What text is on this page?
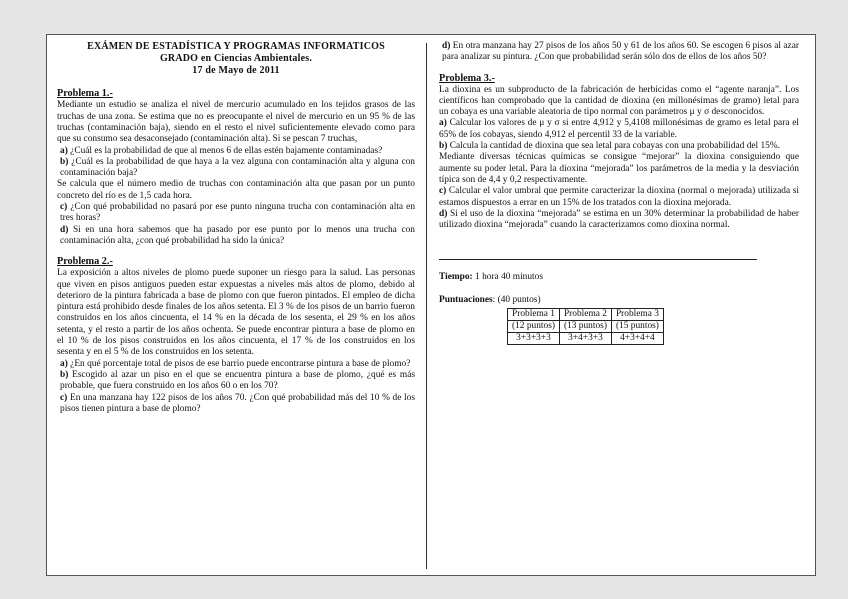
EXÁMEN DE ESTADÍSTICA Y PROGRAMAS INFORMATICOS
GRADO en Ciencias Ambientales.
17 de Mayo de 2011
Problema 1.-

Mediante un estudio se analiza el nivel de mercurio acumulado en los tejidos grasos de las truchas de una zona. Se estima que no es preocupante el nivel de mercurio en un 95 % de las truchas (contaminación baja), siendo en el resto el nivel suficientemente elevado como para que su consumo sea desaconsejado (contaminación alta). Si se pescan 7 truchas,

a) ¿Cuál es la probabilidad de que al menos 6 de ellas estén bajamente contaminadas?

b) ¿Cuál es la probabilidad de que haya a la vez alguna con contaminación alta y alguna con contaminación baja?

Se calcula que el número medio de truchas con contaminación alta que pasan por un punto concreto del río es de 1,5 cada hora.

c) ¿Con qué probabilidad no pasará por ese punto ninguna trucha con contaminación alta en tres horas?

d) Si en una hora sabemos que ha pasado por ese punto por lo menos una trucha con contaminación alta, ¿con qué probabilidad ha sido la única?

Problema 2.-

La exposición a altos niveles de plomo puede suponer un riesgo para la salud. Las personas que viven en pisos antiguos pueden estar expuestas a niveles más altos de plomo, debido al deterioro de la pintura fabricada a base de plomo con que fueron pintados. El empleo de dicha pintura está prohibido desde finales de los años setenta. El 3 % de los pisos de un barrio fueron construidos en los años cincuenta, el 14 % en la década de los sesenta, el 29 % en los años setenta, y el resto a partir de los años ochenta. Se puede encontrar pintura a base de plomo en el 10 % de los pisos construidos en los años cincuenta, el 17 % de los construidos en los sesenta y en el 5 % de los construidos en los setenta.

a) ¿En qué porcentaje total de pisos de ese barrio puede encontrarse pintura a base de plomo?

b) Escogido al azar un piso en el que se encuentra pintura a base de plomo, ¿qué es más probable, que fuera construido en los años 60 o en los 70?

c) En una manzana hay 122 pisos de los años 70. ¿Con qué probabilidad más del 10 % de los pisos tienen pintura a base de plomo?

d) En otra manzana hay 27 pisos de los años 50 y 61 de los años 60. Se escogen 6 pisos al azar para analizar su pintura. ¿Con que probabilidad serán sólo dos de ellos de los años 50?

Problema 3.-

La dioxina es un subproducto de la fabricación de herbicidas como el “agente naranja”. Los científicos han comprobado que la cantidad de dioxina (en millonésimas de gramo) letal para un cobaya es una variable aleatoria de tipo normal con parámetros μ y σ desconocidos.

a) Calcular los valores de μ y σ si entre 4,912 y 5,4108 millonésimas de gramo es letal para el 65% de los cobayas, siendo 4,912 el percentil 33 de la variable.

b) Calcula la cantidad de dioxina que sea letal para cobayas con una probabilidad del 15%.

Mediante diversas técnicas químicas se consigue “mejorar” la dioxina consiguiendo que aumente su poder letal. Para la dioxina “mejorada” los parámetros de la media y la desviación típica son de 4,4 y 0,2 respectivamente.

c) Calcular el valor umbral que permite caracterizar la dioxina (normal o mejorada) utilizada si estamos dispuestos a errar en un 15% de los tratados con la dioxina mejorada.

d) Si el uso de la dioxina “mejorada” se estima en un 30% determinar la probabilidad de haber utilizado dioxina “mejorada” cuando la caracterizamos como dioxina normal.

Tiempo: 1 hora 40 minutos

Puntuaciones: (40 puntos)

Problema 1	Problema 2	Problema 3
(12 puntos)	(13 puntos)	(15 puntos)
3+3+3+3	3+4+3+3	4+3+4+4
